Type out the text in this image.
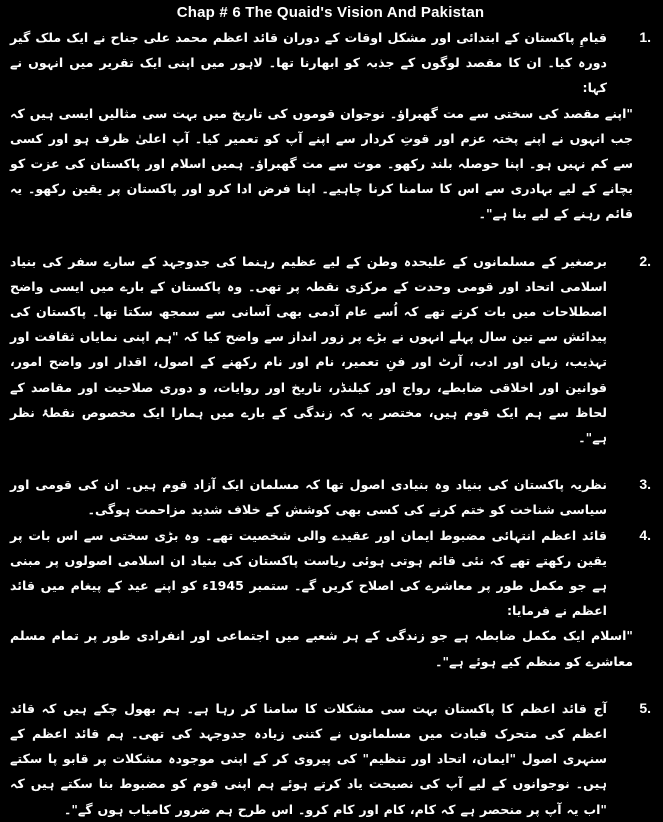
Chap # 6 The Quaid's Vision And Pakistan
1.

قیامِ پاکستان کے ابتدائی اور مشکل اوقات کے دوران قائد اعظم محمد علی جناح نے ایک ملک گیر دورہ کیا۔ ان کا مقصد لوگوں کے جذبہ کو ابھارنا تھا۔ لاہور میں اپنی ایک تقریر میں انہوں نے کہا:

"اپنے مقصد کی سختی سے مت گھبراؤ۔ نوجوان قوموں کی تاریخ میں بہت سی مثالیں ایسی ہیں کہ جب انہوں نے اپنے پختہ عزم اور قوتِ کردار سے اپنے آپ کو تعمیر کیا۔ آپ اعلیٰ ظرف ہو اور کسی سے کم نہیں ہو۔ اپنا حوصلہ بلند رکھو۔ موت سے مت گھبراؤ۔ ہمیں اسلام اور پاکستان کی عزت کو بچانے کے لیے بہادری سے اس کا سامنا کرنا چاہیے۔ اپنا فرض ادا کرو اور پاکستان پر یقین رکھو۔ یہ قائم رہنے کے لیے بنا ہے"۔

2.

برصغیر کے مسلمانوں کے علیحدہ وطن کے لیے عظیم رہنما کی جدوجہد کے سارے سفر کی بنیاد اسلامی اتحاد اور قومی وحدت کے مرکزی نقطہ پر تھی۔ وہ پاکستان کے بارے میں ایسی واضح اصطلاحات میں بات کرتے تھے کہ اُسے عام آدمی بھی آسانی سے سمجھ سکتا تھا۔ پاکستان کی پیدائش سے تین سال پہلے انہوں نے بڑے پر زور انداز سے واضح کیا کہ "ہم اپنی نمایاں ثقافت اور تہذیب، زبان اور ادب، آرٹ اور فنِ تعمیر، نام اور نام رکھنے کے اصول، اقدار اور واضح امور، قوانین اور اخلاقی ضابطے، رواج اور کیلنڈر، تاریخ اور روایات، و دوری صلاحیت اور مقاصد کے لحاظ سے ہم ایک قوم ہیں، مختصر یہ کہ زندگی کے بارے میں ہمارا ایک مخصوص نقطۂ نظر ہے"۔

3.

نظریہ پاکستان کی بنیاد وہ بنیادی اصول تھا کہ مسلمان ایک آزاد قوم ہیں۔ ان کی قومی اور سیاسی شناخت کو ختم کرنے کی کسی بھی کوشش کے خلاف شدید مزاحمت ہوگی۔

4.

قائد اعظم انتہائی مضبوط ایمان اور عقیدے والی شخصیت تھے۔ وہ بڑی سختی سے اس بات پر یقین رکھتے تھے کہ نئی قائم ہوتی ہوئی ریاست پاکستان کی بنیاد ان اسلامی اصولوں پر مبنی ہے جو مکمل طور پر معاشرے کی اصلاح کریں گے۔ ستمبر 1945ء کو اپنے عید کے پیغام میں قائد اعظم نے فرمایا:

"اسلام ایک مکمل ضابطہ ہے جو زندگی کے ہر شعبے میں اجتماعی اور انفرادی طور پر تمام مسلم معاشرے کو منظم کیے ہوئے ہے"۔

5.

آج قائد اعظم کا پاکستان بہت سی مشکلات کا سامنا کر رہا ہے۔ ہم بھول چکے ہیں کہ قائد اعظم کی متحرک قیادت میں مسلمانوں نے کتنی زیادہ جدوجہد کی تھی۔ ہم قائد اعظم کے سنہری اصول "ایمان، اتحاد اور تنظیم" کی پیروی کر کے اپنی موجودہ مشکلات پر قابو پا سکتے ہیں۔ نوجوانوں کے لیے آپ کی نصیحت یاد کرتے ہوئے ہم اپنی قوم کو مضبوط بنا سکتے ہیں کہ "اب یہ آپ پر منحصر ہے کہ کام، کام اور کام کرو۔ اس طرح ہم ضرور کامیاب ہوں گے"۔
